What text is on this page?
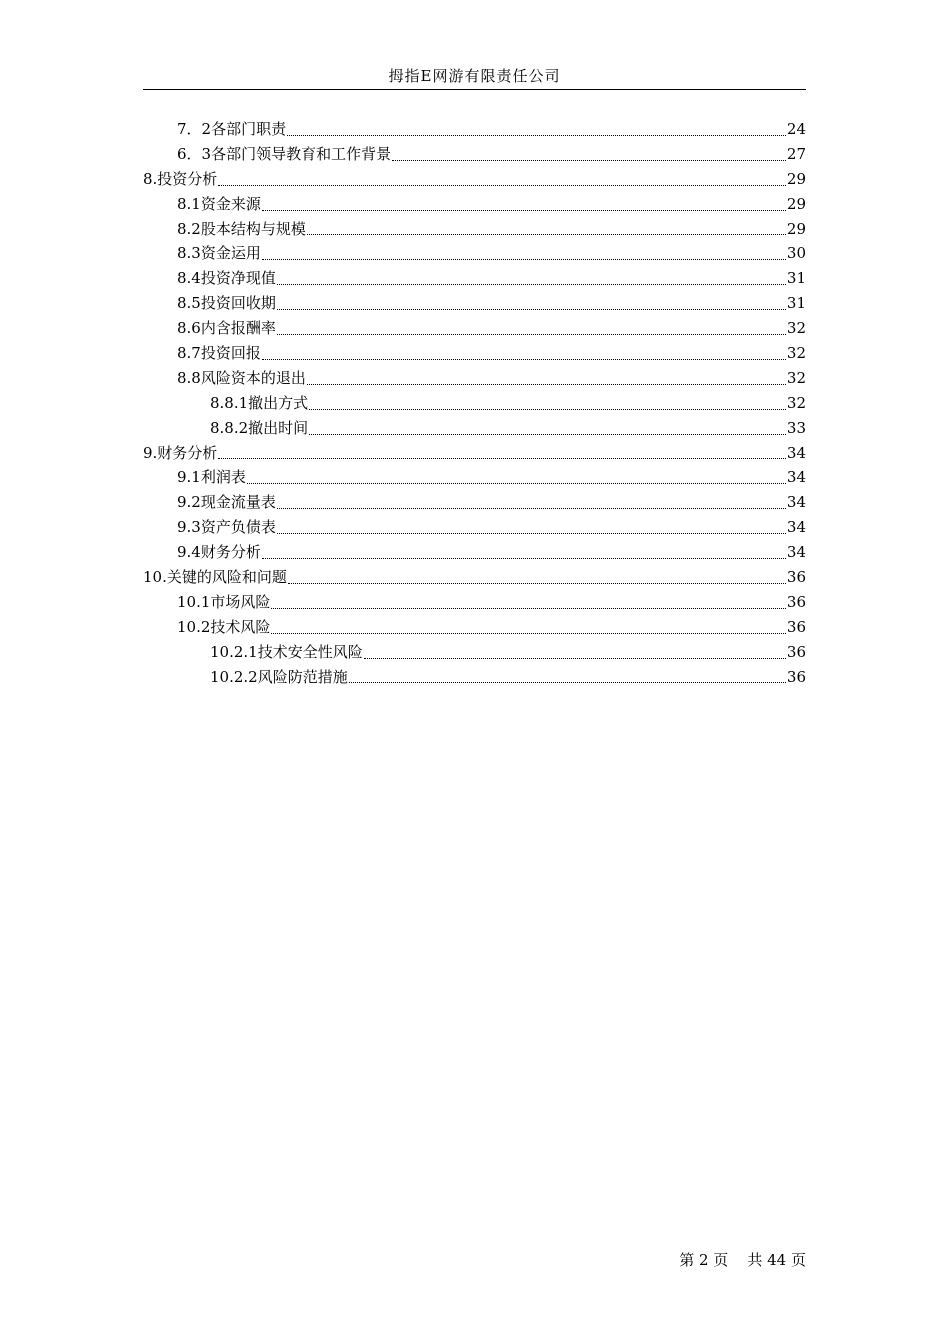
拇指E网游有限责任公司
7．2各部门职责	24
6．3各部门领导教育和工作背景	27
8.投资分析	29
8.1资金来源	29
8.2股本结构与规模	29
8.3资金运用	30
8.4投资净现值	31
8.5投资回收期	31
8.6内含报酬率	32
8.7投资回报	32
8.8风险资本的退出	32
8.8.1撤出方式	32
8.8.2撤出时间	33
9.财务分析	34
9.1利润表	34
9.2现金流量表	34
9.3资产负债表	34
9.4财务分析	34
10.关键的风险和问题	36
10.1市场风险	36
10.2技术风险	36
10.2.1技术安全性风险	36
10.2.2风险防范措施	36
第 2 页    共 44 页
